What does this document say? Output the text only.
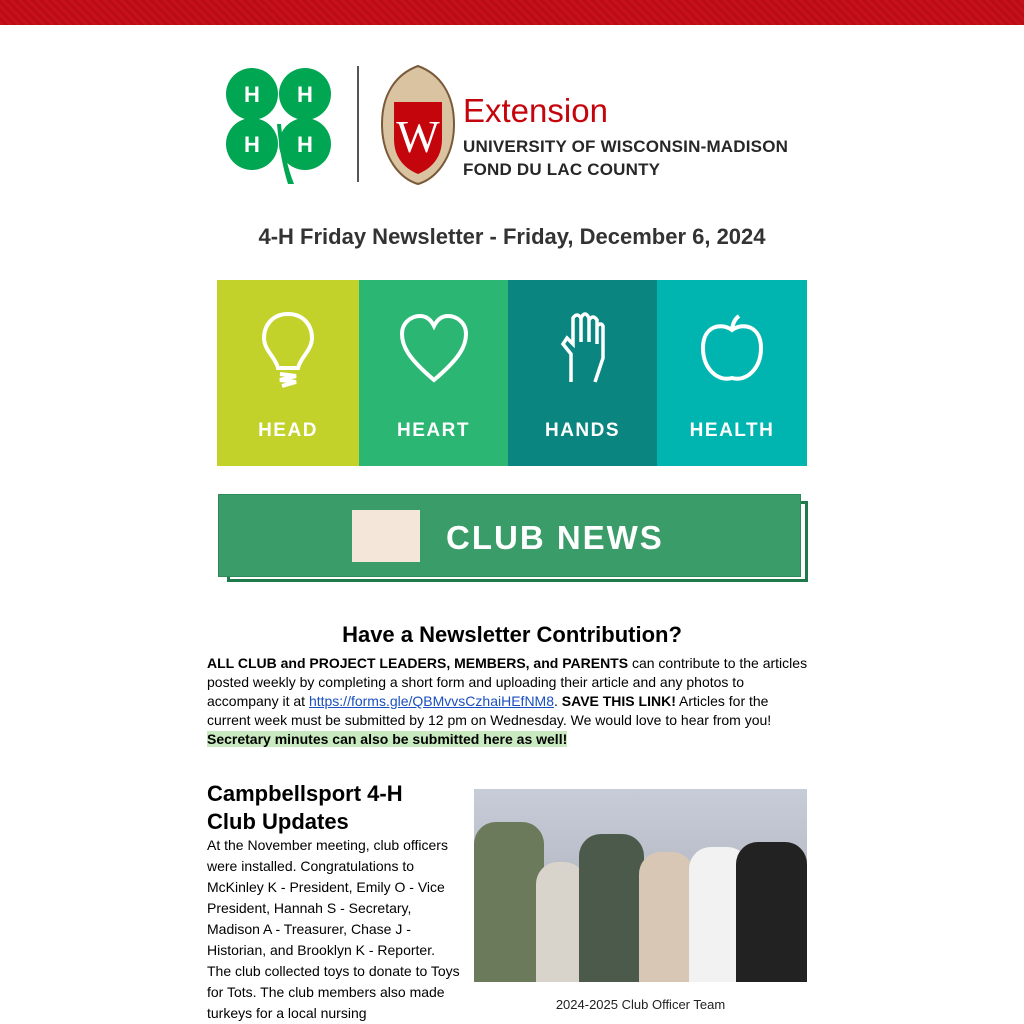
H H
H H W
Extension
UNIVERSITY OF WISCONSIN-MADISON
FOND DU LAC COUNTY
4-H Friday Newsletter - Friday, December 6, 2024
HEAD	HEART	HANDS	HEALTH
CLUB NEWS
Have a Newsletter Contribution?
ALL CLUB and PROJECT LEADERS, MEMBERS, and PARENTS can contribute to the articles posted weekly by completing a short form and uploading their article and any photos to accompany it at https://forms.gle/QBMvvsCzhaiHEfNM8. SAVE THIS LINK! Articles for the current week must be submitted by 12 pm on Wednesday. We would love to hear from you!
Secretary minutes can also be submitted here as well!
Campbellsport 4-H Club Updates
At the November meeting, club officers were installed. Congratulations to McKinley K - President, Emily O - Vice President, Hannah S - Secretary, Madison A - Treasurer, Chase J - Historian, and Brooklyn K - Reporter. The club collected toys to donate to Toys for Tots. The club members also made turkeys for a local nursing
2024-2025 Club Officer Team
